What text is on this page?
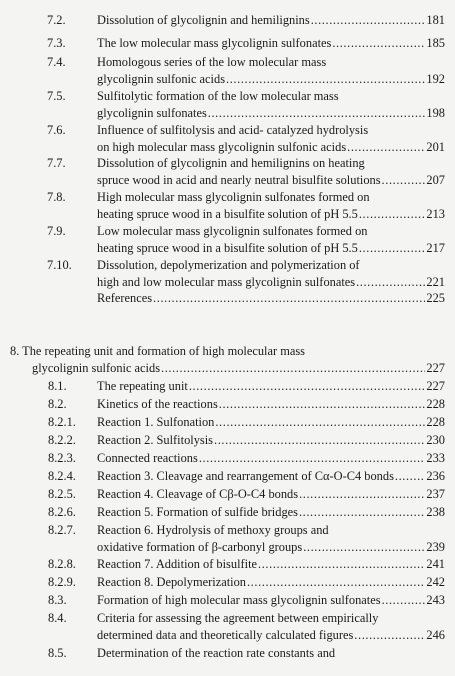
7.2.	Dissolution of glycolignin and hemilignins .....	181
7.3.	The low molecular mass glycolignin sulfonates .....	185
7.4.	Homologous series of the low molecular mass
glycolignin sulfonic acids .....	192
7.5.	Sulfitolytic formation of the low molecular mass
glycolignin sulfonates .....	198
7.6.	Influence of sulfitolysis and acid- catalyzed hydrolysis
on high molecular mass glycolignin sulfonic acids .....	201
7.7.	Dissolution of glycolignin and hemilignins on heating
spruce wood in acid and nearly neutral bisulfite solutions .....	207
7.8.	High molecular mass glycolignin sulfonates formed on
heating spruce wood in a bisulfite solution of pH 5.5 .....	213
7.9.	Low molecular mass glycolignin sulfonates formed on
heating spruce wood in a bisulfite solution of pH 5.5 .....	217
7.10. Dissolution, depolymerization and polymerization of
high and low molecular mass glycolignin sulfonates .....	221
References .....	225
8. The repeating unit and formation of high molecular mass
glycolignin sulfonic acids .....	227
8.1. The repeating unit .....	227
8.2. Kinetics of the reactions .....	228
8.2.1. Reaction 1. Sulfonation .....	228
8.2.2. Reaction 2. Sulfitolysis .....	230
8.2.3. Connected reactions .....	233
8.2.4. Reaction 3. Cleavage and rearrangement of Cα-O-C4 bonds .....	236
8.2.5. Reaction 4. Cleavage of Cβ-O-C4 bonds .....	237
8.2.6. Reaction 5. Formation of sulfide bridges .....	238
8.2.7. Reaction 6. Hydrolysis of methoxy groups and
oxidative formation of β-carbonyl groups .....	239
8.2.8. Reaction 7. Addition of bisulfite .....	241
8.2.9. Reaction 8. Depolymerization .....	242
8.3. Formation of high molecular mass glycolignin sulfonates .....	243
8.4. Criteria for assessing the agreement between empirically
determined data and theoretically calculated figures .....	246
8.5. Determination of the reaction rate constants and
